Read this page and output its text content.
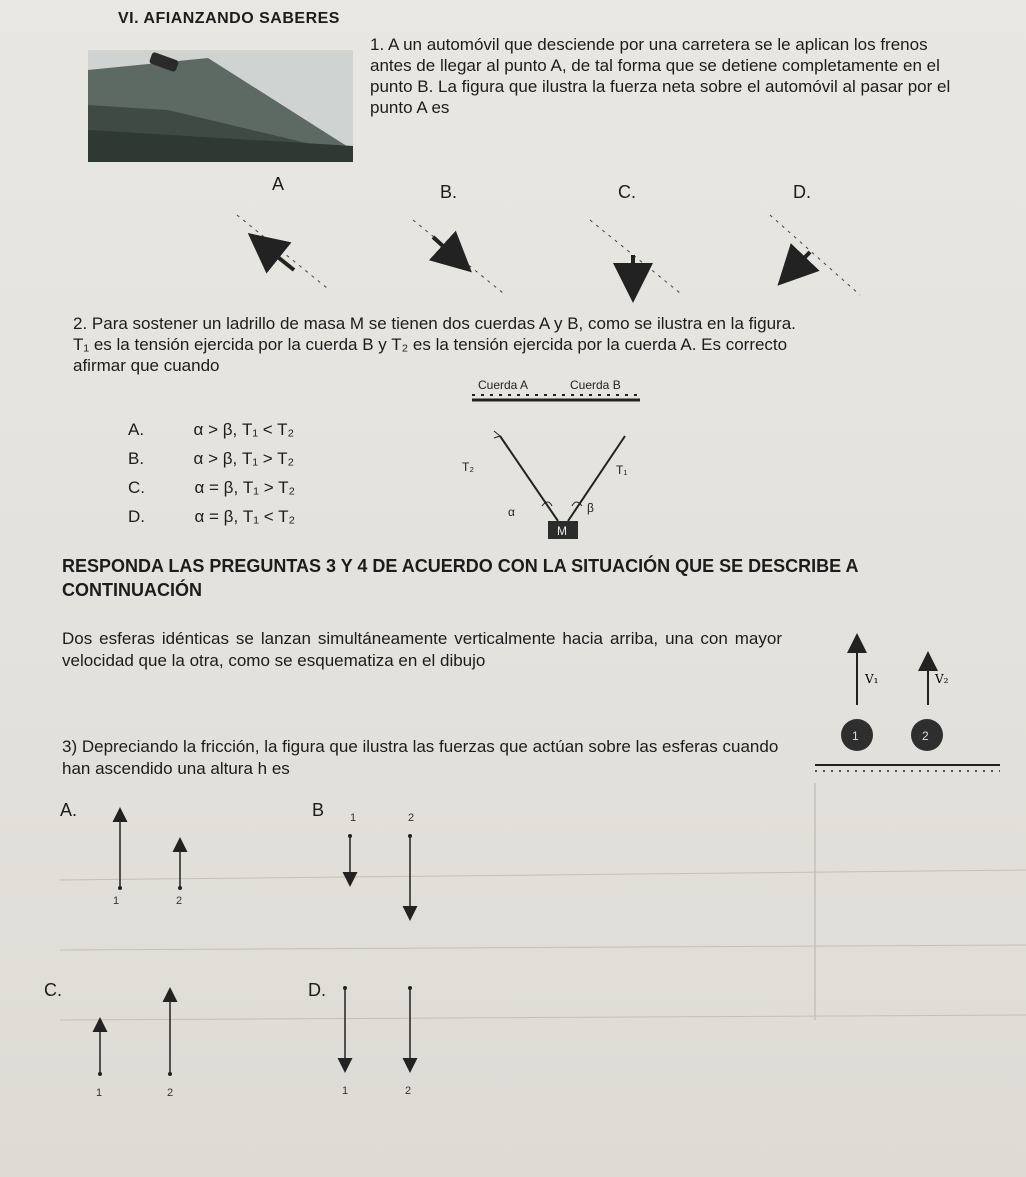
VI. AFIANZANDO SABERES
1. A un automóvil que desciende por una carretera se le aplican los frenos antes de llegar al punto A, de tal forma que se detiene completamente en el punto B. La figura que ilustra la fuerza neta sobre el automóvil al pasar por el punto A es
A	B.	C.	D.
2. Para sostener un ladrillo de masa M se tienen dos cuerdas A y B, como se ilustra en la figura.
T₁ es la tensión ejercida por la cuerda B y T₂ es la tensión ejercida por la cuerda A. Es correcto
afirmar que cuando
A.	α > β, T₁ < T₂
B.	α > β, T₁ > T₂
C.	α = β, T₁ > T₂
D.	α = β, T₁ < T₂
Cuerda A	Cuerda B
T₂	T₁
α	β
M
RESPONDA LAS PREGUNTAS 3 Y 4 DE ACUERDO CON LA SITUACIÓN QUE SE DESCRIBE A CONTINUACIÓN
Dos esferas idénticas se lanzan simultáneamente verticalmente hacia arriba, una con mayor velocidad que la otra, como se esquematiza en el dibujo
V₁	V₂
1	2
3) Depreciando la fricción, la figura que ilustra las fuerzas que actúan sobre las esferas cuando han ascendido una altura h es
A.
1	2
B 1	2
C.
1	2
D.
1	2
